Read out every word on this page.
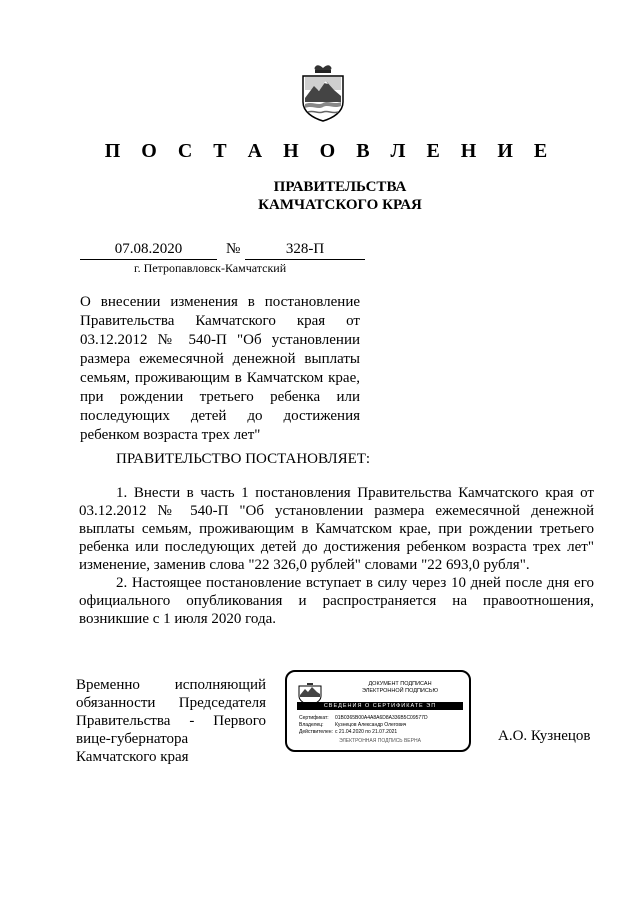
П О С Т А Н О В Л Е Н И Е
ПРАВИТЕЛЬСТВА
КАМЧАТСКОГО КРАЯ
07.08.2020	№	328-П
г. Петропавловск-Камчатский
О внесении изменения в постановление Правительства Камчатского края от 03.12.2012 № 540-П "Об установлении размера ежемесячной денежной выплаты семьям, проживающим в Камчатском крае, при рождении третьего ребенка или последующих детей до достижения ребенком возраста трех лет"
ПРАВИТЕЛЬСТВО ПОСТАНОВЛЯЕТ:

1. Внести в часть 1 постановления Правительства Камчатского края от 03.12.2012 № 540-П "Об установлении размера ежемесячной денежной выплаты семьям, проживающим в Камчатском крае, при рождении третьего ребенка или последующих детей до достижения ребенком возраста трех лет" изменение, заменив слова "22 326,0 рублей" словами "22 693,0 рубля".

2. Настоящее постановление вступает в силу через 10 дней после дня его официального опубликования и распространяется на правоотношения, возникшие с 1 июля 2020 года.

Временно исполняющий обязанности Председателя Правительства - Первого вице-губернатора Камчатского края
ДОКУМЕНТ ПОДПИСАН
ЭЛЕКТРОННОЙ ПОДПИСЬЮ
СВЕДЕНИЯ О СЕРТИФИКАТЕ ЭП
Сертификат:	01B0365B00A4A8A6D8A336B5C09577D
Владелец:	Кузнецов Александр Олегович
Действителен: с 21.04.2020 по 21.07.2021
ЭЛЕКТРОННАЯ ПОДПИСЬ ВЕРНА	А.О. Кузнецов
